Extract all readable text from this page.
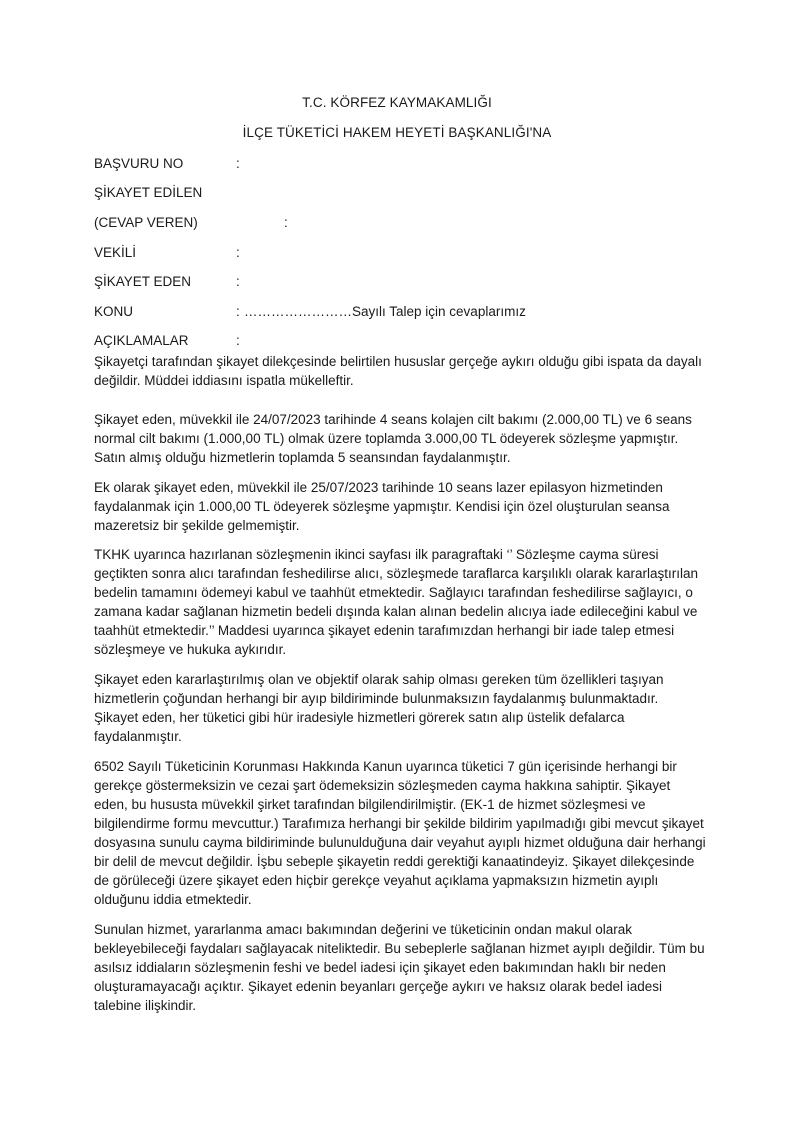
T.C. KÖRFEZ KAYMAKAMLIĞI
İLÇE TÜKETİCİ HAKEM HEYETİ BAŞKANLIĞI'NA
BAŞVURU NO	:
ŞİKAYET EDİLEN
(CEVAP VEREN)	:
VEKİLİ	:
ŞİKAYET EDEN	:
KONU	: ……………………Sayılı Talep için cevaplarımız
AÇIKLAMALAR	:

Şikayetçi tarafından şikayet dilekçesinde belirtilen hususlar gerçeğe aykırı olduğu gibi ispata da dayalı değildir. Müddei iddiasını ispatla mükelleftir.

Şikayet eden, müvekkil ile 24/07/2023 tarihinde 4 seans kolajen cilt bakımı (2.000,00 TL) ve 6 seans normal cilt bakımı (1.000,00 TL) olmak üzere toplamda 3.000,00 TL ödeyerek sözleşme yapmıştır. Satın almış olduğu hizmetlerin toplamda 5 seansından faydalanmıştır.

Ek olarak şikayet eden, müvekkil ile 25/07/2023 tarihinde 10 seans lazer epilasyon hizmetinden faydalanmak için 1.000,00 TL ödeyerek sözleşme yapmıştır. Kendisi için özel oluşturulan seansa mazeretsiz bir şekilde gelmemiştir.

TKHK uyarınca hazırlanan sözleşmenin ikinci sayfası ilk paragraftaki ‘’ Sözleşme cayma süresi geçtikten sonra alıcı tarafından feshedilirse alıcı, sözleşmede taraflarca karşılıklı olarak kararlaştırılan bedelin tamamını ödemeyi kabul ve taahhüt etmektedir. Sağlayıcı tarafından feshedilirse sağlayıcı, o zamana kadar sağlanan hizmetin bedeli dışında kalan alınan bedelin alıcıya iade edileceğini kabul ve taahhüt etmektedir.’’ Maddesi uyarınca şikayet edenin tarafımızdan herhangi bir iade talep etmesi sözleşmeye ve hukuka aykırıdır.

Şikayet eden kararlaştırılmış olan ve objektif olarak sahip olması gereken tüm özellikleri taşıyan hizmetlerin çoğundan herhangi bir ayıp bildiriminde bulunmaksızın faydalanmış bulunmaktadır. Şikayet eden, her tüketici gibi hür iradesiyle hizmetleri görerek satın alıp üstelik defalarca faydalanmıştır.

6502 Sayılı Tüketicinin Korunması Hakkında Kanun uyarınca tüketici 7 gün içerisinde herhangi bir gerekçe göstermeksizin ve cezai şart ödemeksizin sözleşmeden cayma hakkına sahiptir. Şikayet eden, bu hususta müvekkil şirket tarafından bilgilendirilmiştir. (EK-1 de hizmet sözleşmesi ve bilgilendirme formu mevcuttur.) Tarafımıza herhangi bir şekilde bildirim yapılmadığı gibi mevcut şikayet dosyasına sunulu cayma bildiriminde bulunulduğuna dair veyahut ayıplı hizmet olduğuna dair herhangi bir delil de mevcut değildir. İşbu sebeple şikayetin reddi gerektiği kanaatindeyiz. Şikayet dilekçesinde de görüleceği üzere şikayet eden hiçbir gerekçe veyahut açıklama yapmaksızın hizmetin ayıplı olduğunu iddia etmektedir.

Sunulan hizmet, yararlanma amacı bakımından değerini ve tüketicinin ondan makul olarak bekleyebileceği faydaları sağlayacak niteliktedir. Bu sebeplerle sağlanan hizmet ayıplı değildir. Tüm bu asılsız iddiaların sözleşmenin feshi ve bedel iadesi için şikayet eden bakımından haklı bir neden oluşturamayacağı açıktır. Şikayet edenin beyanları gerçeğe aykırı ve haksız olarak bedel iadesi talebine ilişkindir.
